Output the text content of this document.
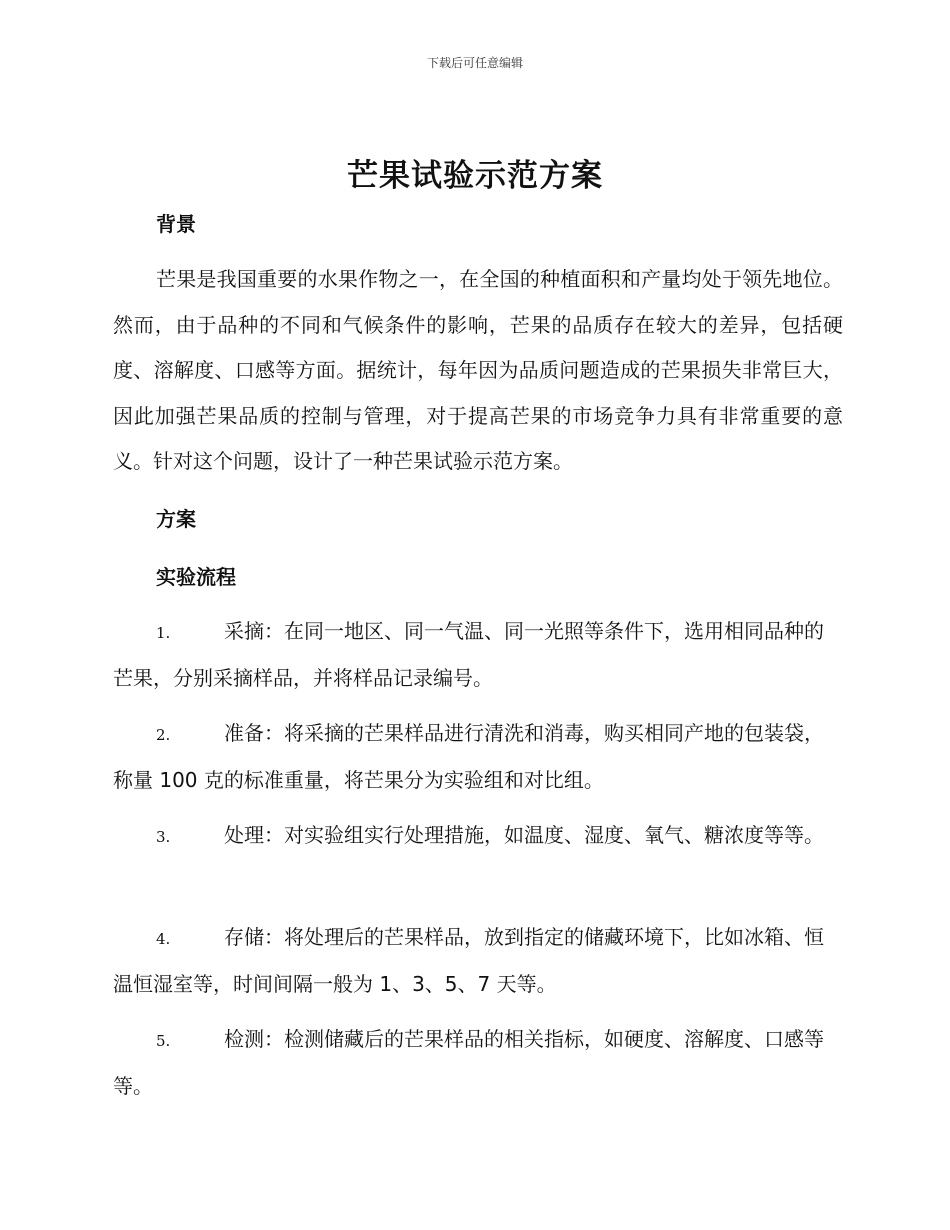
下载后可任意编辑
芒果试验示范方案
背景

芒果是我国重要的水果作物之一，在全国的种植面积和产量均处于领先地位。然而，由于品种的不同和气候条件的影响，芒果的品质存在较大的差异，包括硬度、溶解度、口感等方面。据统计，每年因为品质问题造成的芒果损失非常巨大，因此加强芒果品质的控制与管理，对于提高芒果的市场竞争力具有非常重要的意义。针对这个问题，设计了一种芒果试验示范方案。

方案
实验流程

1.	采摘：在同一地区、同一气温、同一光照等条件下，选用相同品种的芒果，分别采摘样品，并将样品记录编号。

2.	准备：将采摘的芒果样品进行清洗和消毒，购买相同产地的包装袋，称量 100 克的标准重量，将芒果分为实验组和对比组。

3.	处理：对实验组实行处理措施，如温度、湿度、氧气、糖浓度等等。

4.	存储：将处理后的芒果样品，放到指定的储藏环境下，比如冰箱、恒温恒湿室等，时间间隔一般为 1、3、5、7 天等。

5.	检测：检测储藏后的芒果样品的相关指标，如硬度、溶解度、口感等等。
